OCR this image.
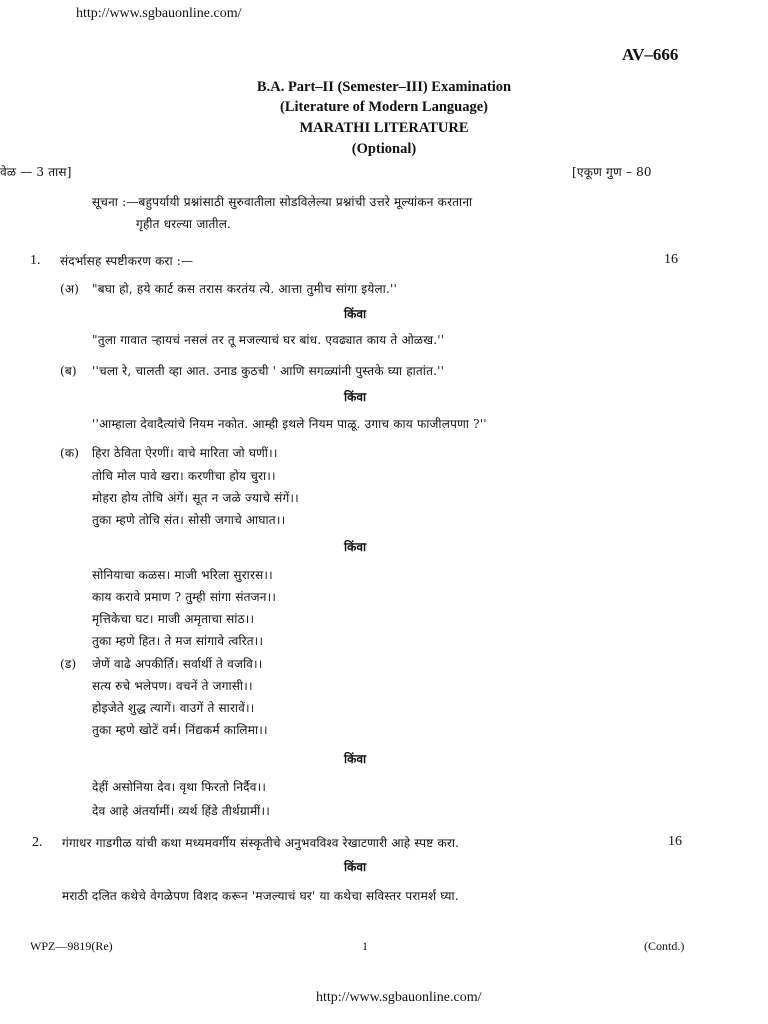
http://www.sgbauonline.com/
AV–666
B.A. Part–II (Semester–III) Examination
(Literature of Modern Language)
MARATHI LITERATURE
(Optional)
वेळ — 3 तास]	[एकूण गुण – 80
सूचना :—बहुपर्यायी प्रश्नांसाठी सुरुवातीला सोडविलेल्या प्रश्नांची उत्तरे मूल्यांकन करताना
गृहीत धरल्या जातील.
1. संदर्भासह स्पष्टीकरण करा :—	16
(अ) "बघा हो, हये कार्ट कस तरास करतंय त्ये. आत्ता तुमीच सांगा इयेला.''
किंवा
"तुला गावात ऱ्हायचं नसलं तर तू मजल्याचं घर बांध. एवढ्यात काय ते ओळख.''
(ब) ''चला रे, चालती व्हा आत. उनाड कुठची ' आणि सगळ्यांनी पुस्तके घ्या हातांत.''
किंवा
''आम्हाला देवादैत्यांचे नियम नकोत. आम्ही इथले नियम पाळू. उगाच काय फाजीलपणा ?''
(क) हिरा ठेविता ऐरणीं। वाचे मारिता जो घणीं।।
तोचि मोल पावे खरा। करणीचा होय चुरा।।
मोहरा होय तोचि अंगें। सूत न जळे ज्याचे संगें।।
तुका म्हणे तोचि संत। सोसी जगाचे आघात।।
किंवा
सोनियाचा कळस। माजी भरिला सुरारस।।
काय करावे प्रमाण ? तुम्ही सांगा संतजन।।
मृत्तिकेचा घट। माजी अमृताचा सांठ।।
तुका म्हणे हित। ते मज सांगावे त्वरित।।
(ड) जेणें वाढे अपकीर्ति। सर्वार्थी ते वजवि।।
सत्य रुचे भलेपण। वचनें ते जगासी।।
होइजेते शुद्ध त्यागें। वाउगें ते सारावें।।
तुका म्हणे खोटें वर्म। निंद्यकर्म कालिमा।।
किंवा
देहीं असोनिया देव। वृथा फिरतो निर्दैव।।
देव आहे अंतर्यामीं। व्यर्थ हिंडे तीर्थग्रामीं।।
2. गंगाधर गाडगीळ यांची कथा मध्यमवर्गीय संस्कृतीचे अनुभवविश्व रेखाटणारी आहे स्पष्ट करा.	16
किंवा
मराठी दलित कथेचे वेगळेपण विशद करून 'मजल्याचं घर' या कथेचा सविस्तर परामर्श घ्या.
WPZ—9819(Re)	1	(Contd.)
http://www.sgbauonline.com/
